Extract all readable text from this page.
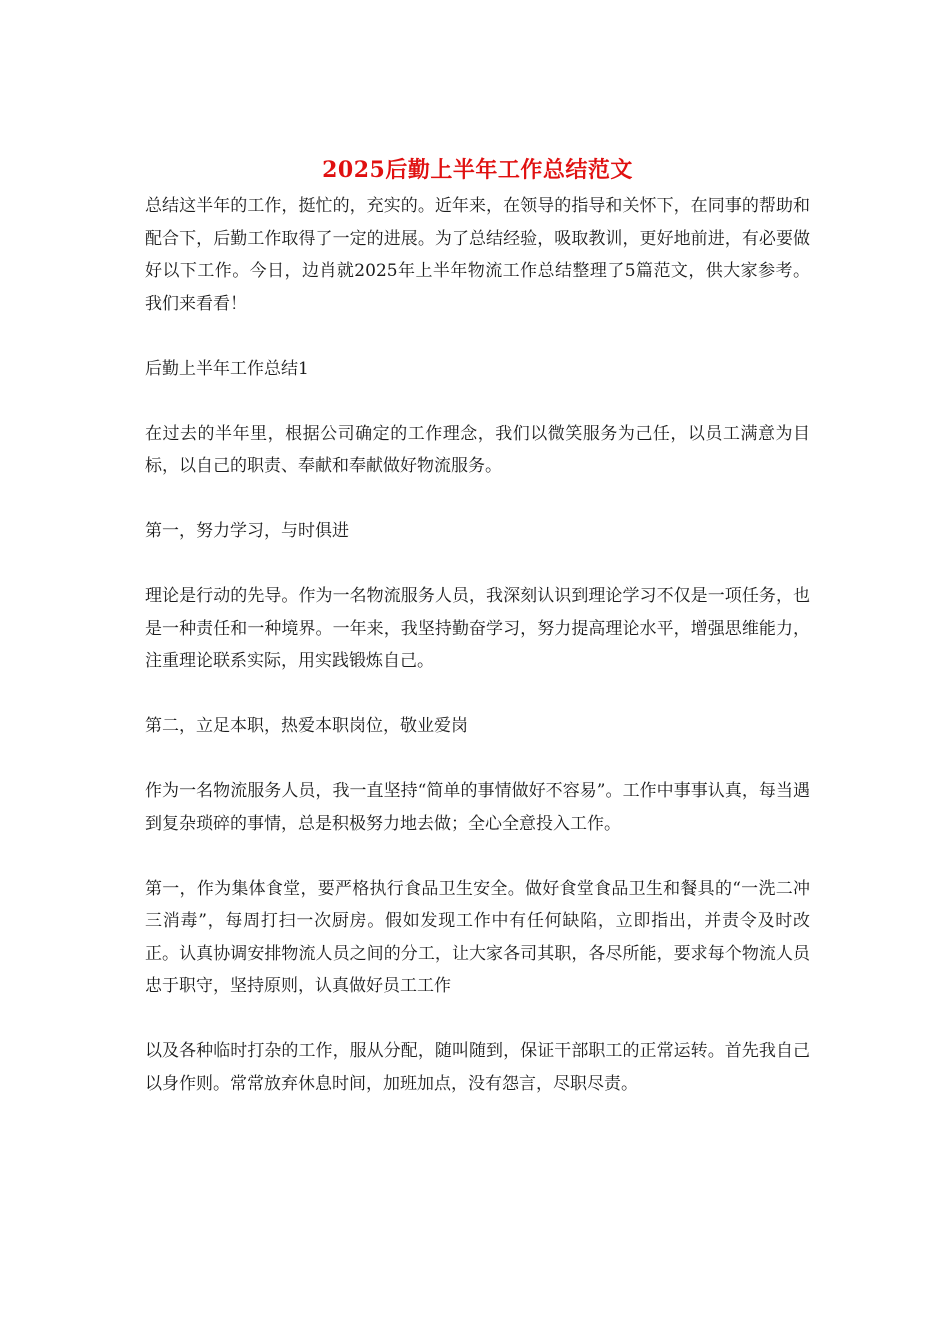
2025后勤上半年工作总结范文

总结这半年的工作，挺忙的，充实的。近年来，在领导的指导和关怀下，在同事的帮助和配合下，后勤工作取得了一定的进展。为了总结经验，吸取教训，更好地前进，有必要做好以下工作。今日，边肖就2025年上半年物流工作总结整理了5篇范文，供大家参考。我们来看看！

后勤上半年工作总结1

在过去的半年里，根据公司确定的工作理念，我们以微笑服务为己任，以员工满意为目标，以自己的职责、奉献和奉献做好物流服务。

第一，努力学习，与时俱进

理论是行动的先导。作为一名物流服务人员，我深刻认识到理论学习不仅是一项任务，也是一种责任和一种境界。一年来，我坚持勤奋学习，努力提高理论水平，增强思维能力，注重理论联系实际，用实践锻炼自己。

第二，立足本职，热爱本职岗位，敬业爱岗

作为一名物流服务人员，我一直坚持“简单的事情做好不容易”。工作中事事认真，每当遇到复杂琐碎的事情，总是积极努力地去做；全心全意投入工作。

第一，作为集体食堂，要严格执行食品卫生安全。做好食堂食品卫生和餐具的“一洗二冲三消毒”，每周打扫一次厨房。假如发现工作中有任何缺陷，立即指出，并责令及时改正。认真协调安排物流人员之间的分工，让大家各司其职，各尽所能，要求每个物流人员忠于职守，坚持原则，认真做好员工工作

以及各种临时打杂的工作，服从分配，随叫随到，保证干部职工的正常运转。首先我自己以身作则。常常放弃休息时间，加班加点，没有怨言，尽职尽责。
